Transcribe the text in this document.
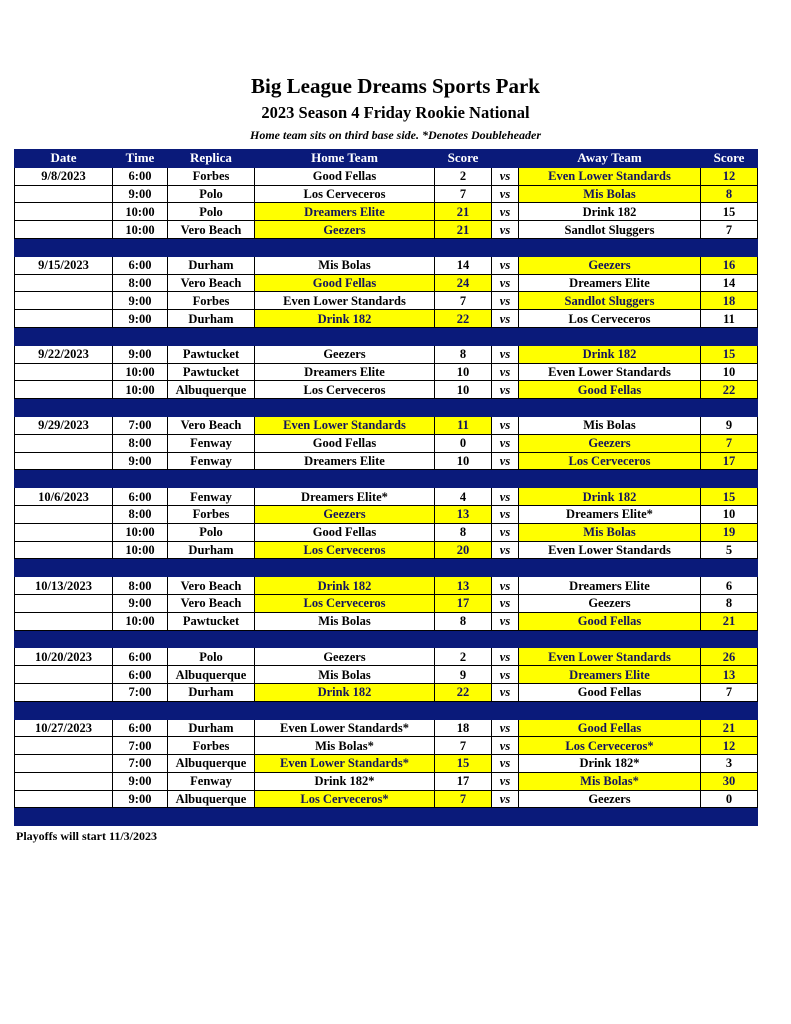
Big League Dreams Sports Park
2023 Season 4 Friday Rookie National
Home team sits on third base side. *Denotes Doubleheader
Date	Time	Replica	Home Team	Score		Away Team	Score
9/8/2023	6:00	Forbes	Good Fellas	2	vs	Even Lower Standards	12
	9:00	Polo	Los Cerveceros	7	vs	Mis Bolas	8
	10:00	Polo	Dreamers Elite	21	vs	Drink 182	15
	10:00	Vero Beach	Geezers	21	vs	Sandlot Sluggers	7

9/15/2023	6:00	Durham	Mis Bolas	14	vs	Geezers	16
	8:00	Vero Beach	Good Fellas	24	vs	Dreamers Elite	14
	9:00	Forbes	Even Lower Standards	7	vs	Sandlot Sluggers	18
	9:00	Durham	Drink 182	22	vs	Los Cerveceros	11

9/22/2023	9:00	Pawtucket	Geezers	8	vs	Drink 182	15
	10:00	Pawtucket	Dreamers Elite	10	vs	Even Lower Standards	10
	10:00	Albuquerque	Los Cerveceros	10	vs	Good Fellas	22

9/29/2023	7:00	Vero Beach	Even Lower Standards	11	vs	Mis Bolas	9
	8:00	Fenway	Good Fellas	0	vs	Geezers	7
	9:00	Fenway	Dreamers Elite	10	vs	Los Cerveceros	17

10/6/2023	6:00	Fenway	Dreamers Elite*	4	vs	Drink 182	15
	8:00	Forbes	Geezers	13	vs	Dreamers Elite*	10
	10:00	Polo	Good Fellas	8	vs	Mis Bolas	19
	10:00	Durham	Los Cerveceros	20	vs	Even Lower Standards	5

10/13/2023	8:00	Vero Beach	Drink 182	13	vs	Dreamers Elite	6
	9:00	Vero Beach	Los Cerveceros	17	vs	Geezers	8
	10:00	Pawtucket	Mis Bolas	8	vs	Good Fellas	21

10/20/2023	6:00	Polo	Geezers	2	vs	Even Lower Standards	26
	6:00	Albuquerque	Mis Bolas	9	vs	Dreamers Elite	13
	7:00	Durham	Drink 182	22	vs	Good Fellas	7

10/27/2023	6:00	Durham	Even Lower Standards*	18	vs	Good Fellas	21
	7:00	Forbes	Mis Bolas*	7	vs	Los Cerveceros*	12
	7:00	Albuquerque	Even Lower Standards*	15	vs	Drink 182*	3
	9:00	Fenway	Drink 182*	17	vs	Mis Bolas*	30
	9:00	Albuquerque	Los Cerveceros*	7	vs	Geezers	0

Playoffs will start 11/3/2023
